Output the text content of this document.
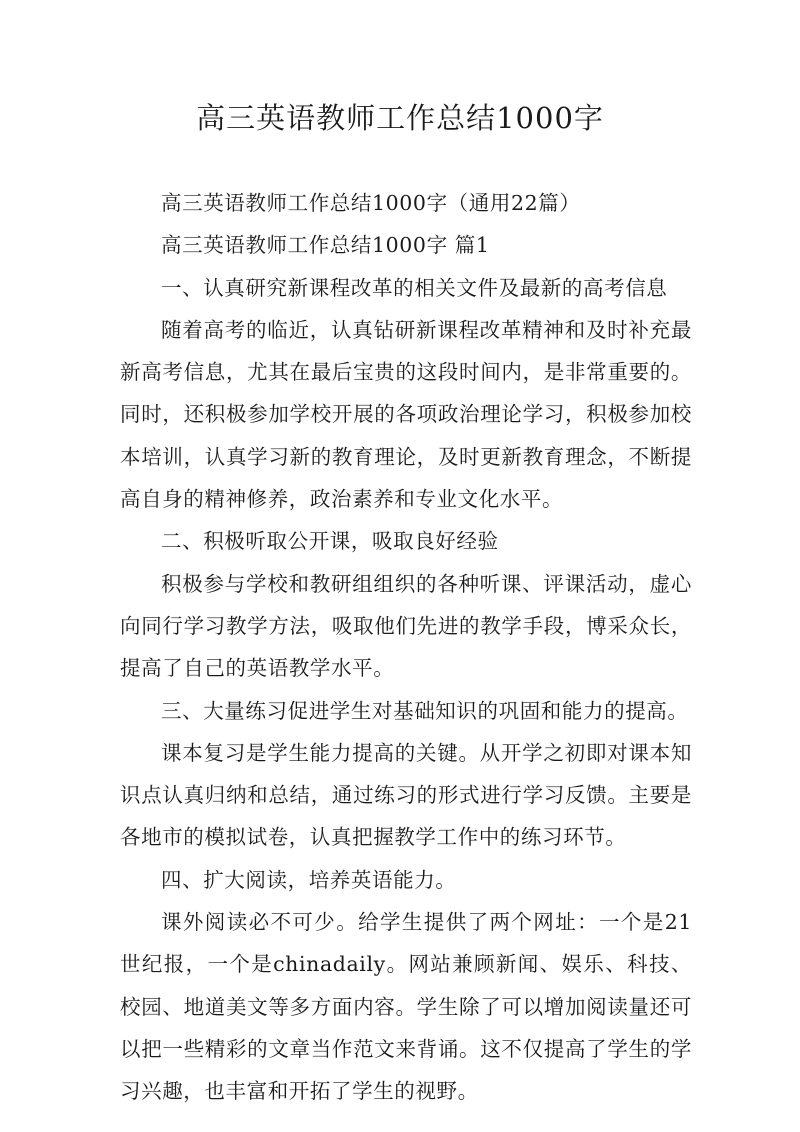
高三英语教师工作总结1000字

高三英语教师工作总结1000字（通用22篇）

高三英语教师工作总结1000字 篇1

一、认真研究新课程改革的相关文件及最新的高考信息

随着高考的临近，认真钻研新课程改革精神和及时补充最新高考信息，尤其在最后宝贵的这段时间内，是非常重要的。同时，还积极参加学校开展的各项政治理论学习，积极参加校本培训，认真学习新的教育理论，及时更新教育理念，不断提高自身的精神修养，政治素养和专业文化水平。

二、积极听取公开课，吸取良好经验

积极参与学校和教研组组织的各种听课、评课活动，虚心向同行学习教学方法，吸取他们先进的教学手段，博采众长，提高了自己的英语教学水平。

三、大量练习促进学生对基础知识的巩固和能力的提高。

课本复习是学生能力提高的关键。从开学之初即对课本知识点认真归纳和总结，通过练习的形式进行学习反馈。主要是各地市的模拟试卷，认真把握教学工作中的练习环节。

四、扩大阅读，培养英语能力。

课外阅读必不可少。给学生提供了两个网址：一个是21世纪报，一个是chinadaily。网站兼顾新闻、娱乐、科技、校园、地道美文等多方面内容。学生除了可以增加阅读量还可以把一些精彩的文章当作范文来背诵。这不仅提高了学生的学习兴趣，也丰富和开拓了学生的视野。
